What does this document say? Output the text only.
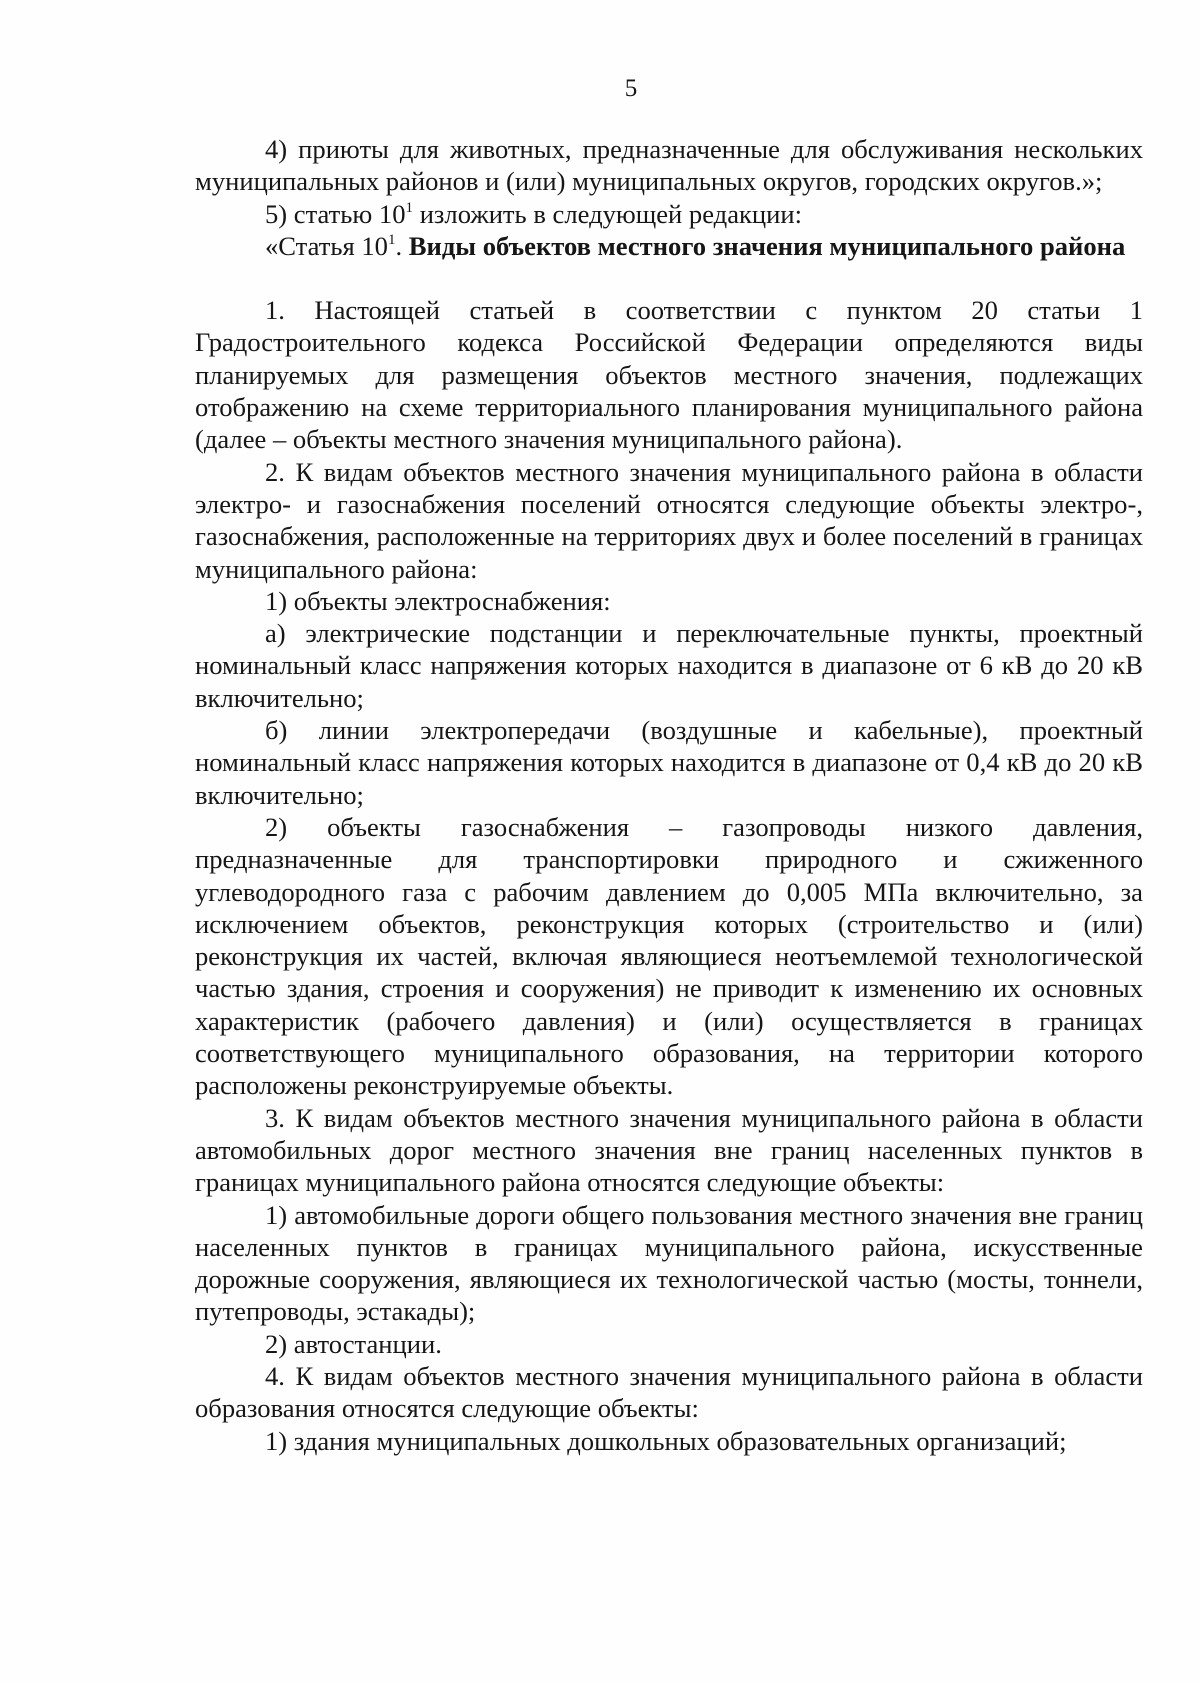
5

4) приюты для животных, предназначенные для обслуживания нескольких муниципальных районов и (или) муниципальных округов, городских округов.»;

5) статью $10^1$ изложить в следующей редакции:

«Статья $10^1$. Виды объектов местного значения муниципального района

1. Настоящей статьей в соответствии с пунктом 20 статьи 1 Градостроительного кодекса Российской Федерации определяются виды планируемых для размещения объектов местного значения, подлежащих отображению на схеме территориального планирования муниципального района (далее – объекты местного значения муниципального района).

2. К видам объектов местного значения муниципального района в области электро- и газоснабжения поселений относятся следующие объекты электро-, газоснабжения, расположенные на территориях двух и более поселений в границах муниципального района:

1) объекты электроснабжения:

а) электрические подстанции и переключательные пункты, проектный номинальный класс напряжения которых находится в диапазоне от 6 кВ до 20 кВ включительно;

б) линии электропередачи (воздушные и кабельные), проектный номинальный класс напряжения которых находится в диапазоне от 0,4 кВ до 20 кВ включительно;

2) объекты газоснабжения – газопроводы низкого давления, предназначенные для транспортировки природного и сжиженного углеводородного газа с рабочим давлением до 0,005 МПа включительно, за исключением объектов, реконструкция которых (строительство и (или) реконструкция их частей, включая являющиеся неотъемлемой технологической частью здания, строения и сооружения) не приводит к изменению их основных характеристик (рабочего давления) и (или) осуществляется в границах соответствующего муниципального образования, на территории которого расположены реконструируемые объекты.

3. К видам объектов местного значения муниципального района в области автомобильных дорог местного значения вне границ населенных пунктов в границах муниципального района относятся следующие объекты:

1) автомобильные дороги общего пользования местного значения вне границ населенных пунктов в границах муниципального района, искусственные дорожные сооружения, являющиеся их технологической частью (мосты, тоннели, путепроводы, эстакады);

2) автостанции.

4. К видам объектов местного значения муниципального района в области образования относятся следующие объекты:

1) здания муниципальных дошкольных образовательных организаций;
